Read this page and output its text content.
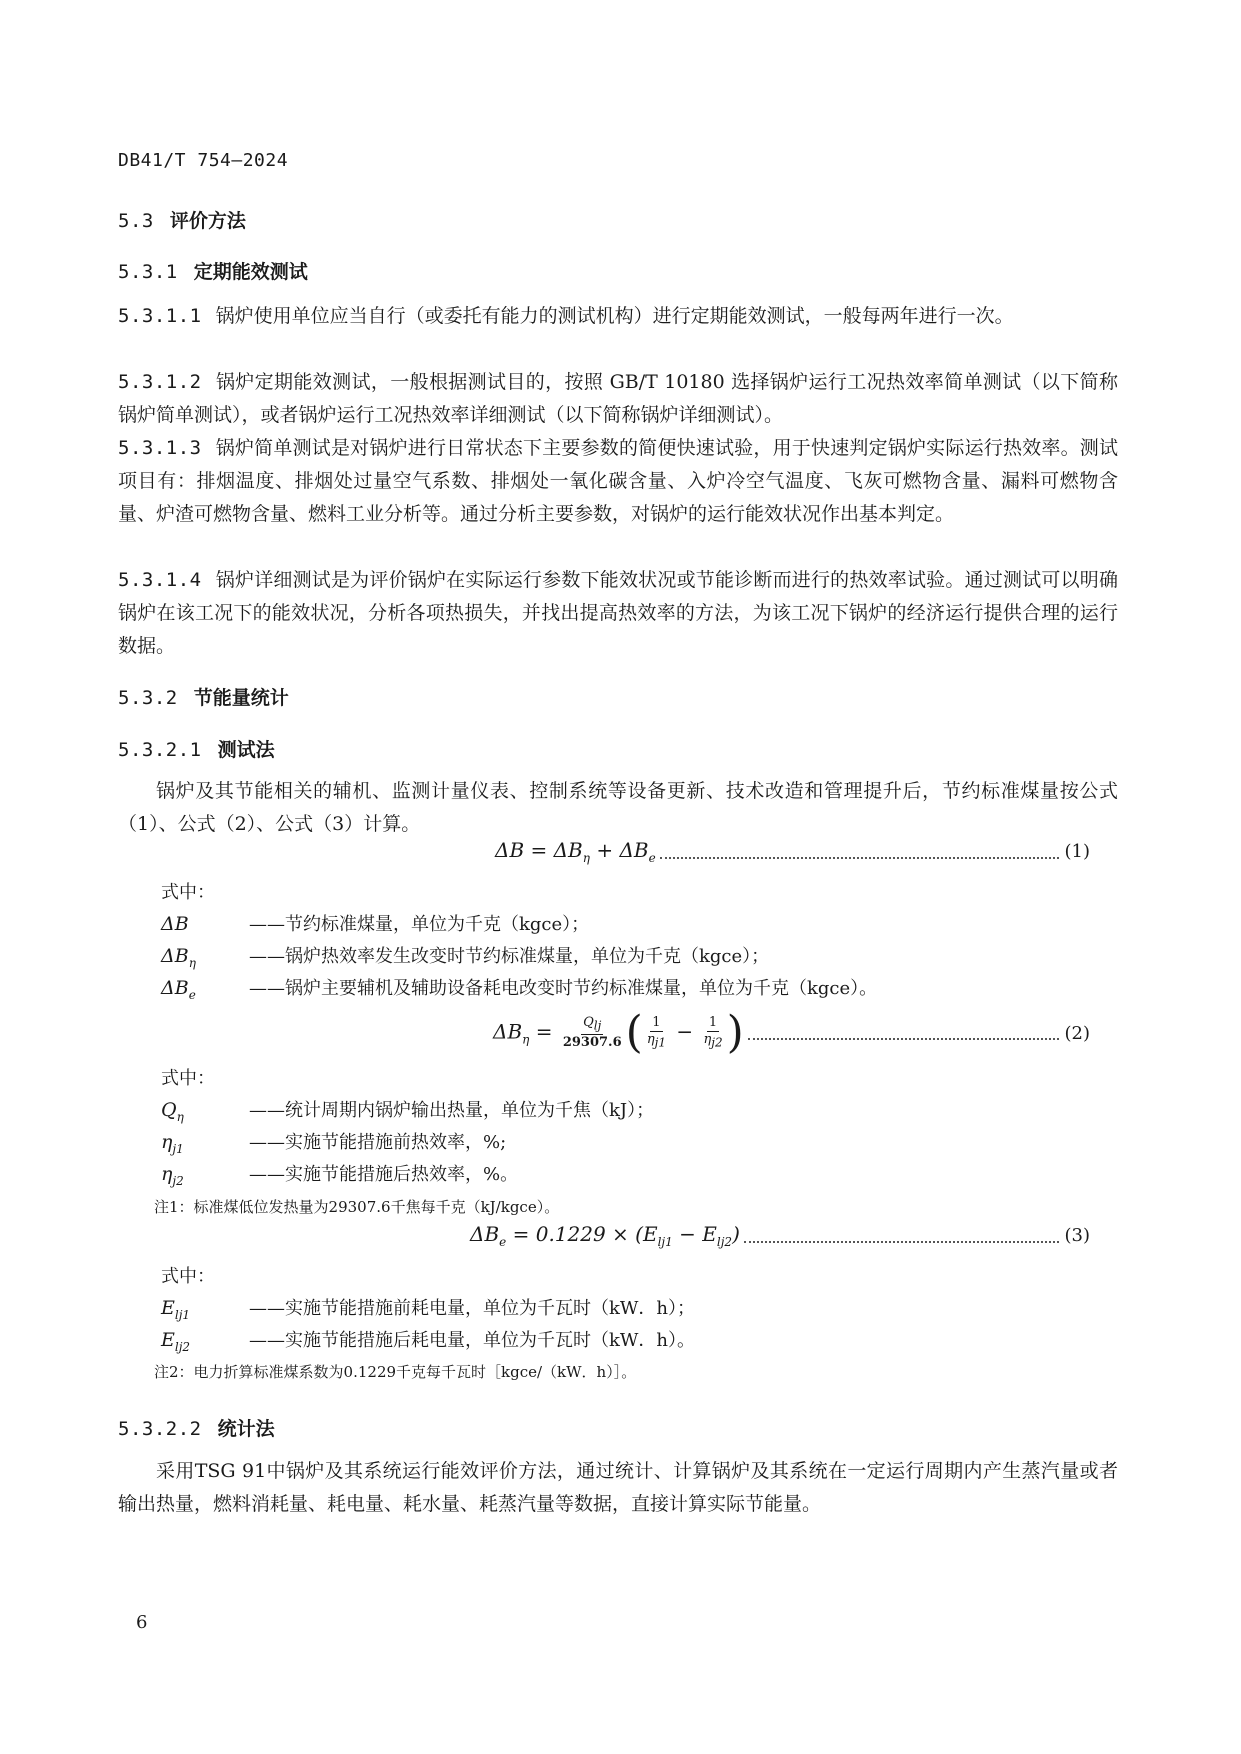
DB41/T 754—2024
5.3 评价方法
5.3.1 定期能效测试
5.3.1.1 锅炉使用单位应当自行（或委托有能力的测试机构）进行定期能效测试，一般每两年进行一次。
5.3.1.2 锅炉定期能效测试，一般根据测试目的，按照 GB/T 10180 选择锅炉运行工况热效率简单测试（以下简称锅炉简单测试），或者锅炉运行工况热效率详细测试（以下简称锅炉详细测试）。
5.3.1.3 锅炉简单测试是对锅炉进行日常状态下主要参数的简便快速试验，用于快速判定锅炉实际运行热效率。测试项目有：排烟温度、排烟处过量空气系数、排烟处一氧化碳含量、入炉冷空气温度、飞灰可燃物含量、漏料可燃物含量、炉渣可燃物含量、燃料工业分析等。通过分析主要参数，对锅炉的运行能效状况作出基本判定。
5.3.1.4 锅炉详细测试是为评价锅炉在实际运行参数下能效状况或节能诊断而进行的热效率试验。通过测试可以明确锅炉在该工况下的能效状况，分析各项热损失，并找出提高热效率的方法，为该工况下锅炉的经济运行提供合理的运行数据。
5.3.2 节能量统计
5.3.2.1 测试法
锅炉及其节能相关的辅机、监测计量仪表、控制系统等设备更新、技术改造和管理提升后，节约标准煤量按公式（1）、公式（2）、公式（3）计算。
$\Delta B = \Delta B_\eta + \Delta B_e$	(1)
式中：
ΔB	——节约标准煤量，单位为千克（kgce）；
$\Delta B_\eta$	——锅炉热效率发生改变时节约标准煤量，单位为千克（kgce）；
$\Delta B_e$	——锅炉主要辅机及辅助设备耗电改变时节约标准煤量，单位为千克（kgce）。
$\Delta B_\eta = \frac{Q_{lj}}{29307.6}$ ( $\frac{1}{\eta_{j1}} - \frac{1}{\eta_{j2}}$ )	(2)
式中：
$Q_\eta$	——统计周期内锅炉输出热量，单位为千焦（kJ）；
$\eta_{j1}$	——实施节能措施前热效率，%;
$\eta_{j2}$	——实施节能措施后热效率，%。
注1：标准煤低位发热量为29307.6千焦每千克（kJ/kgce）。
$\Delta B_e = 0.1229 \times (E_{lj1} - E_{lj2})$	(3)
式中：
$E_{lj1}$	——实施节能措施前耗电量，单位为千瓦时（kW．h）；
$E_{lj2}$	——实施节能措施后耗电量，单位为千瓦时（kW．h）。
注2：电力折算标准煤系数为0.1229千克每千瓦时［kgce/（kW．h）］。
5.3.2.2 统计法
采用TSG 91中锅炉及其系统运行能效评价方法，通过统计、计算锅炉及其系统在一定运行周期内产生蒸汽量或者输出热量，燃料消耗量、耗电量、耗水量、耗蒸汽量等数据，直接计算实际节能量。
6
